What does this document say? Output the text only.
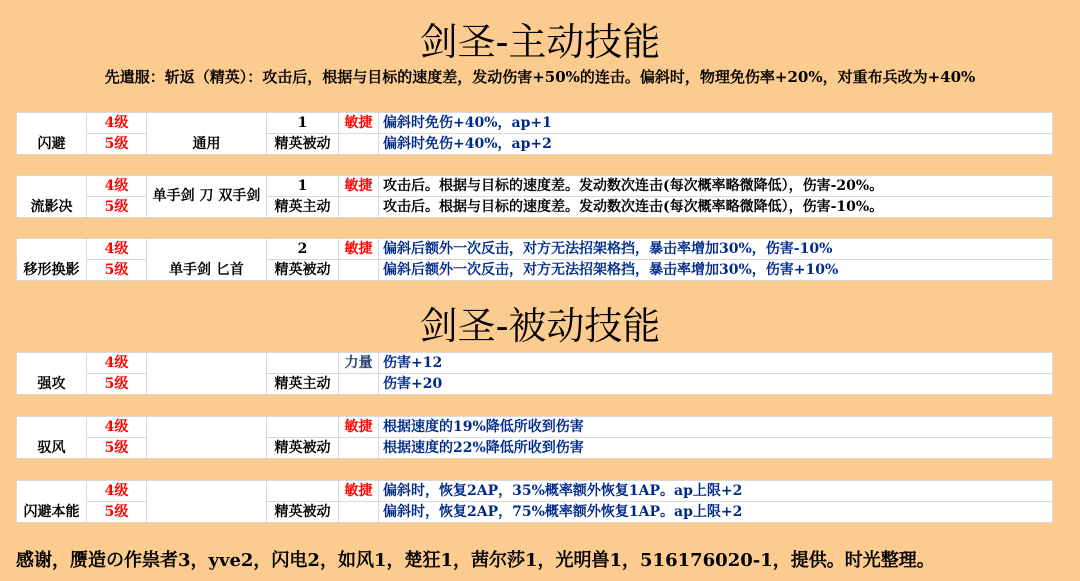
剑圣-主动技能
先遣服：斩返（精英）：攻击后，根据与目标的速度差，发动伤害+50%的连击。偏斜时，物理免伤率+20%，对重布兵改为+40%
闪避	4级	通用	1	敏捷	偏斜时免伤+40%，ap+1
	5级		精英被动		偏斜时免伤+40%，ap+2
流影决	4级	单手剑 刀 双手剑	1	敏捷	攻击后。根据与目标的速度差。发动数次连击(每次概率略微降低），伤害-20%。
	5级		精英主动		攻击后。根据与目标的速度差。发动数次连击(每次概率略微降低），伤害-10%。
移形换影	4级	单手剑 匕首	2	敏捷	偏斜后额外一次反击，对方无法招架格挡，暴击率增加30%，伤害-10%
	5级		精英被动		偏斜后额外一次反击，对方无法招架格挡，暴击率增加30%，伤害+10%
剑圣-被动技能
强攻	4级			力量	伤害+12
	5级		精英主动		伤害+20
驭风	4级			敏捷	根据速度的19%降低所收到伤害
	5级		精英被动		根据速度的22%降低所收到伤害
闪避本能	4级			敏捷	偏斜时，恢复2AP，35%概率额外恢复1AP。ap上限+2
	5级		精英被动		偏斜时，恢复2AP，75%概率额外恢复1AP。ap上限+2
感谢，赝造の作祟者3，yve2，闪电2，如风1，楚狂1，茜尔莎1，光明兽1，516176020-1，提供。时光整理。
